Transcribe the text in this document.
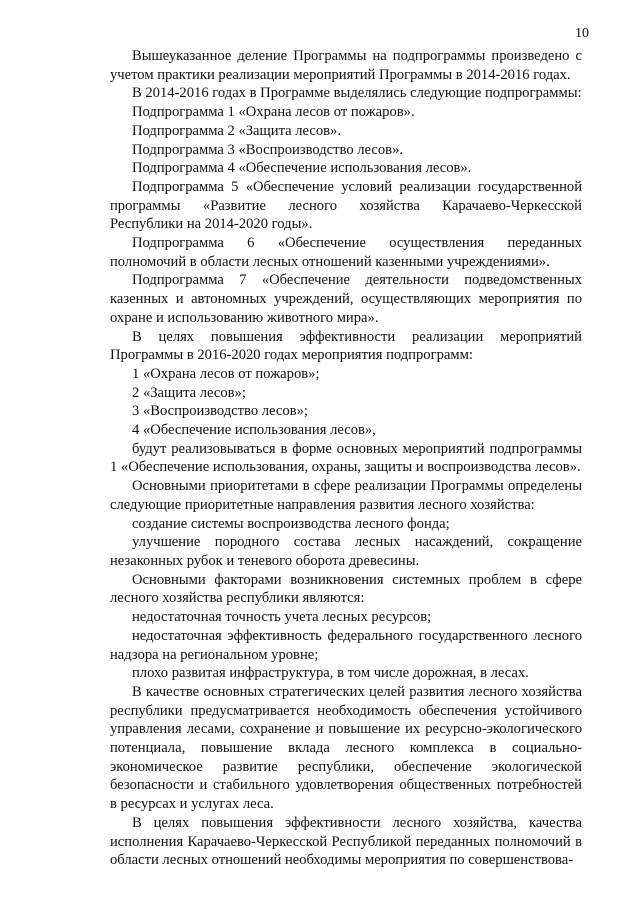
10

Вышеуказанное деление Программы на подпрограммы произведено с учетом практики реализации мероприятий Программы в 2014-2016 годах.

В 2014-2016 годах в Программе выделялись следующие подпрограммы:

Подпрограмма 1 «Охрана лесов от пожаров».

Подпрограмма 2 «Защита лесов».

Подпрограмма 3 «Воспроизводство лесов».

Подпрограмма 4 «Обеспечение использования лесов».

Подпрограмма 5 «Обеспечение условий реализации государственной программы «Развитие лесного хозяйства Карачаево-Черкесской Республики на 2014-2020 годы».

Подпрограмма 6 «Обеспечение осуществления переданных полномочий в области лесных отношений казенными учреждениями».

Подпрограмма 7 «Обеспечение деятельности подведомственных казенных и автономных учреждений, осуществляющих мероприятия по охране и использованию животного мира».

В целях повышения эффективности реализации мероприятий Программы в 2016-2020 годах мероприятия подпрограмм:

1 «Охрана лесов от пожаров»;

2 «Защита лесов»;

3 «Воспроизводство лесов»;

4 «Обеспечение использования лесов»,

будут реализовываться в форме основных мероприятий подпрограммы 1 «Обеспечение использования, охраны, защиты и воспроизводства лесов».

Основными приоритетами в сфере реализации Программы определены следующие приоритетные направления развития лесного хозяйства:

создание системы воспроизводства лесного фонда;

улучшение породного состава лесных насаждений, сокращение незаконных рубок и теневого оборота древесины.

Основными факторами возникновения системных проблем в сфере лесного хозяйства республики являются:

недостаточная точность учета лесных ресурсов;

недостаточная эффективность федерального государственного лесного надзора на региональном уровне;

плохо развитая инфраструктура, в том числе дорожная, в лесах.

В качестве основных стратегических целей развития лесного хозяйства республики предусматривается необходимость обеспечения устойчивого управления лесами, сохранение и повышение их ресурсно-экологического потенциала, повышение вклада лесного комплекса в социально-экономическое развитие республики, обеспечение экологической безопасности и стабильного удовлетворения общественных потребностей в ресурсах и услугах леса.

В целях повышения эффективности лесного хозяйства, качества исполнения Карачаево-Черкесской Республикой переданных полномочий в области лесных отношений необходимы мероприятия по совершенствова-
